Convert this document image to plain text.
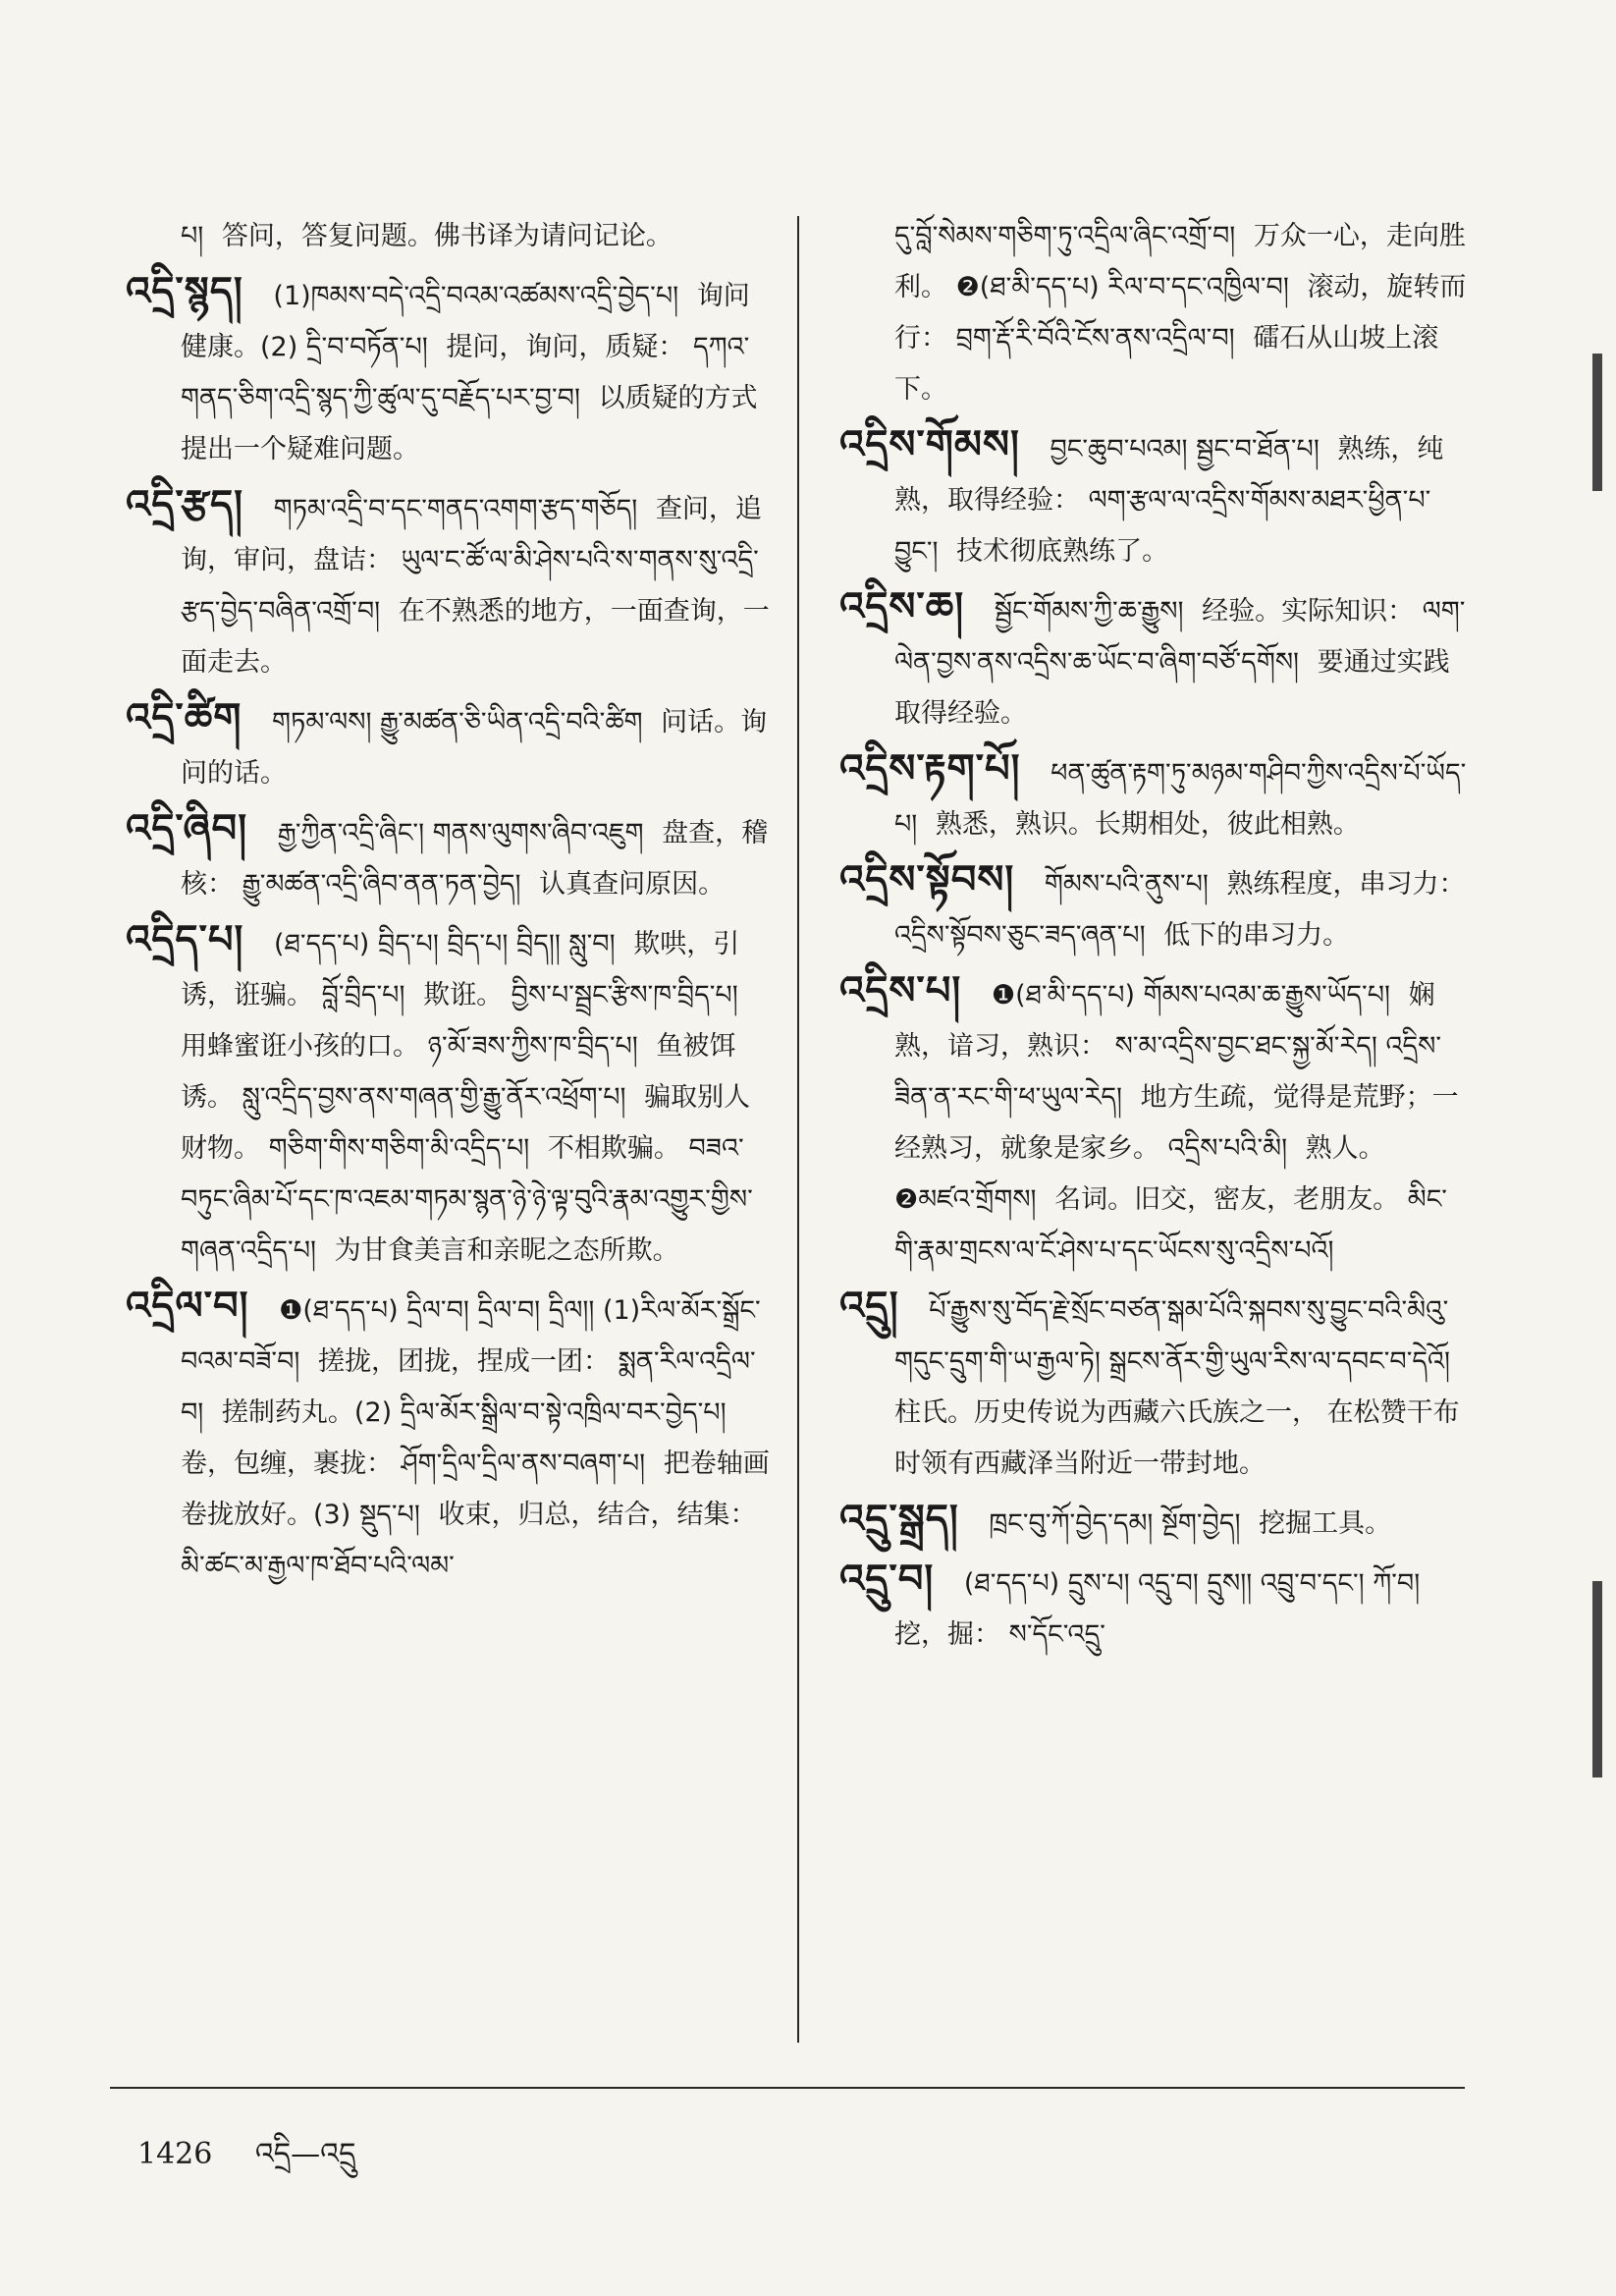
པ། 答问，答复问题。佛书译为请问记论。

འདྲི་སྙད། (1)ཁམས་བདེ་འདྲི་བའམ་འཚམས་འདྲི་བྱེད་པ། 询问健康。(2) དྲི་བ་བཏོན་པ། 提问，询问，质疑： དཀའ་གནད་ཅིག་འདྲི་སྙད་ཀྱི་ཚུལ་དུ་བརྗོད་པར་བྱ་བ། 以质疑的方式提出一个疑难问题。

འདྲི་རྩད། གཏམ་འདྲི་བ་དང་གནད་འགག་རྩད་གཅོད། 查问，追询，审问，盘诘： ཡུལ་ང་ཚོ་ལ་མི་ཤེས་པའི་ས་གནས་སུ་འདྲི་རྩད་བྱེད་བཞིན་འགྲོ་བ། 在不熟悉的地方，一面查询，一面走去。

འདྲི་ཚིག གཏམ་ལས། རྒྱུ་མཚན་ཅི་ཡིན་འདྲི་བའི་ཚིག 问话。询问的话。

འདྲི་ཞིབ། རྒྱ་ཀྱིན་འདྲི་ཞིང་། གནས་ལུགས་ཞིབ་འཇུག 盘查，稽核： རྒྱུ་མཚན་འདྲི་ཞིབ་ནན་ཏན་བྱེད། 认真查问原因。

འདྲིད་པ། (ཐ་དད་པ) བྲིད་པ། བྲིད་པ། བྲིད།། སླུ་བ། 欺哄，引诱，诳骗。 བློ་བྲིད་པ། 欺诳。 བྱིས་པ་སྦྲང་རྩིས་ཁ་བྲིད་པ། 用蜂蜜诳小孩的口。 ཉ་མོ་ཟས་ཀྱིས་ཁ་བྲིད་པ། 鱼被饵诱。 སླུ་འདྲིད་བྱས་ནས་གཞན་གྱི་རྒྱུ་ནོར་འཕྲོག་པ། 骗取别人财物。 གཅིག་གིས་གཅིག་མི་འདྲིད་པ། 不相欺骗。 བཟའ་བཏུང་ཞིམ་པོ་དང་ཁ་འཇམ་གཏམ་སྙན་ཉེ་ཉེ་ལྟ་བུའི་རྣམ་འགྱུར་གྱིས་གཞན་འདྲིད་པ། 为甘食美言和亲昵之态所欺。

འདྲིལ་བ། ❶(ཐ་དད་པ) དྲིལ་བ། དྲིལ་བ། དྲིལ།། (1)རིལ་མོར་སྒྲོང་བའམ་བཟོ་བ། 搓拢，团拢，捏成一团： སྨན་རིལ་འདྲིལ་བ། 搓制药丸。(2) དྲིལ་མོར་སྒྲིལ་བ་སྟེ་འཁྲིལ་བར་བྱེད་པ། 卷，包缠，裹拢： ཤོག་དྲིལ་དྲིལ་ནས་བཞག་པ། 把卷轴画卷拢放好。(3) སྡུད་པ། 收束，归总，结合，结集： མི་ཚང་མ་རྒྱལ་ཁ་ཐོབ་པའི་ལམ་

དུ་བློ་སེམས་གཅིག་ཏུ་འདྲིལ་ཞིང་འགྲོ་བ། 万众一心，走向胜利。 ❷(ཐ་མི་དད་པ) རིལ་བ་དང་འཁྱིལ་བ། 滚动，旋转而行： བྲག་རྡོ་རི་བོའི་ངོས་ནས་འདྲིལ་བ། 礌石从山坡上滚下。

འདྲིས་གོམས། བྱང་ཆུབ་པའམ། སྦྱང་བ་ཐོན་པ། 熟练，纯熟，取得经验： ལག་རྩལ་ལ་འདྲིས་གོམས་མཐར་ཕྱིན་པ་བྱུང་། 技术彻底熟练了。

འདྲིས་ཆ། སྦྱོང་གོམས་ཀྱི་ཆ་རྒྱུས། 经验。实际知识： ལག་ལེན་བྱས་ནས་འདྲིས་ཆ་ཡོང་བ་ཞིག་བཙོ་དགོས། 要通过实践取得经验。

འདྲིས་རྟག་པོ། ཕན་ཚུན་རྟག་ཏུ་མཉམ་གཤིབ་ཀྱིས་འདྲིས་པོ་ཡོད་པ། 熟悉，熟识。长期相处，彼此相熟。

འདྲིས་སྟོབས། གོམས་པའི་ནུས་པ། 熟练程度，串习力： འདྲིས་སྟོབས་ཅུང་ཟད་ཞན་པ། 低下的串习力。

འདྲིས་པ། ❶(ཐ་མི་དད་པ) གོམས་པའམ་ཆ་རྒྱུས་ཡོད་པ། 娴熟，谙习，熟识： ས་མ་འདྲིས་བྱང་ཐང་སྐྱ་མོ་རེད། འདྲིས་ཟིན་ན་རང་གི་ཕ་ཡུལ་རེད། 地方生疏，觉得是荒野；一经熟习，就象是家乡。 འདྲིས་པའི་མི། 熟人。 ❷མཛའ་གྲོགས། 名词。旧交，密友，老朋友。 མིང་གི་རྣམ་གྲངས་ལ་ངོ་ཤེས་པ་དང་ཡོངས་སུ་འདྲིས་པའོ།

འདྲུ། པོ་རྒྱུས་སུ་བོད་རྗེ་སྲོང་བཙན་སྒམ་པོའི་སྐབས་སུ་བྱུང་བའི་མིའུ་གདུང་དྲུག་གི་ཡ་རྒྱལ་ཏེ། སྒྲངས་ནོར་གྱི་ཡུལ་རིས་ལ་དབང་བ་དེའོ། 柱氏。历史传说为西藏六氏族之一， 在松赞干布时领有西藏泽当附近一带封地。

འདྲུ་སྒྲད། ཁྲང་བུ་ཀོ་བྱེད་དམ། སྔོག་བྱེད། 挖掘工具。

འདྲུ་བ། (ཐ་དད་པ) དྲུས་པ། འདྲུ་བ། དྲུས།། འབྲུ་བ་དང་། ཀོ་བ། 挖，掘： ས་དོང་འདྲུ་

1426 འདྲི—འདྲུ
